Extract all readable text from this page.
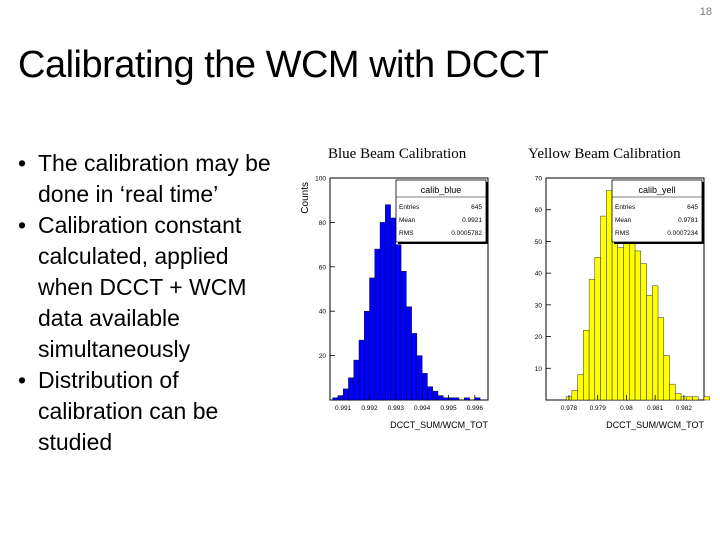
18
Calibrating the WCM with DCCT
• The calibration may be done in ‘real time’
• Calibration constant calculated, applied when DCCT + WCM data available simultaneously
• Distribution of calibration can be studied
Blue Beam Calibration	Yellow Beam Calibration
20
40
60
80
100
0.991 0.992 0.993 0.994 0.995 0.996
DCCT_SUM/WCM_TOT
Counts	calib_blue
Entries	645
Mean	0.9921
RMS	0.0005782
10
20
30
40
50
60
70
0.978 0.979 0.98 0.981 0.982
DCCT_SUM/WCM_TOT
calib_yell
Entries	645
Mean	0.9781
RMS	0.0007234
